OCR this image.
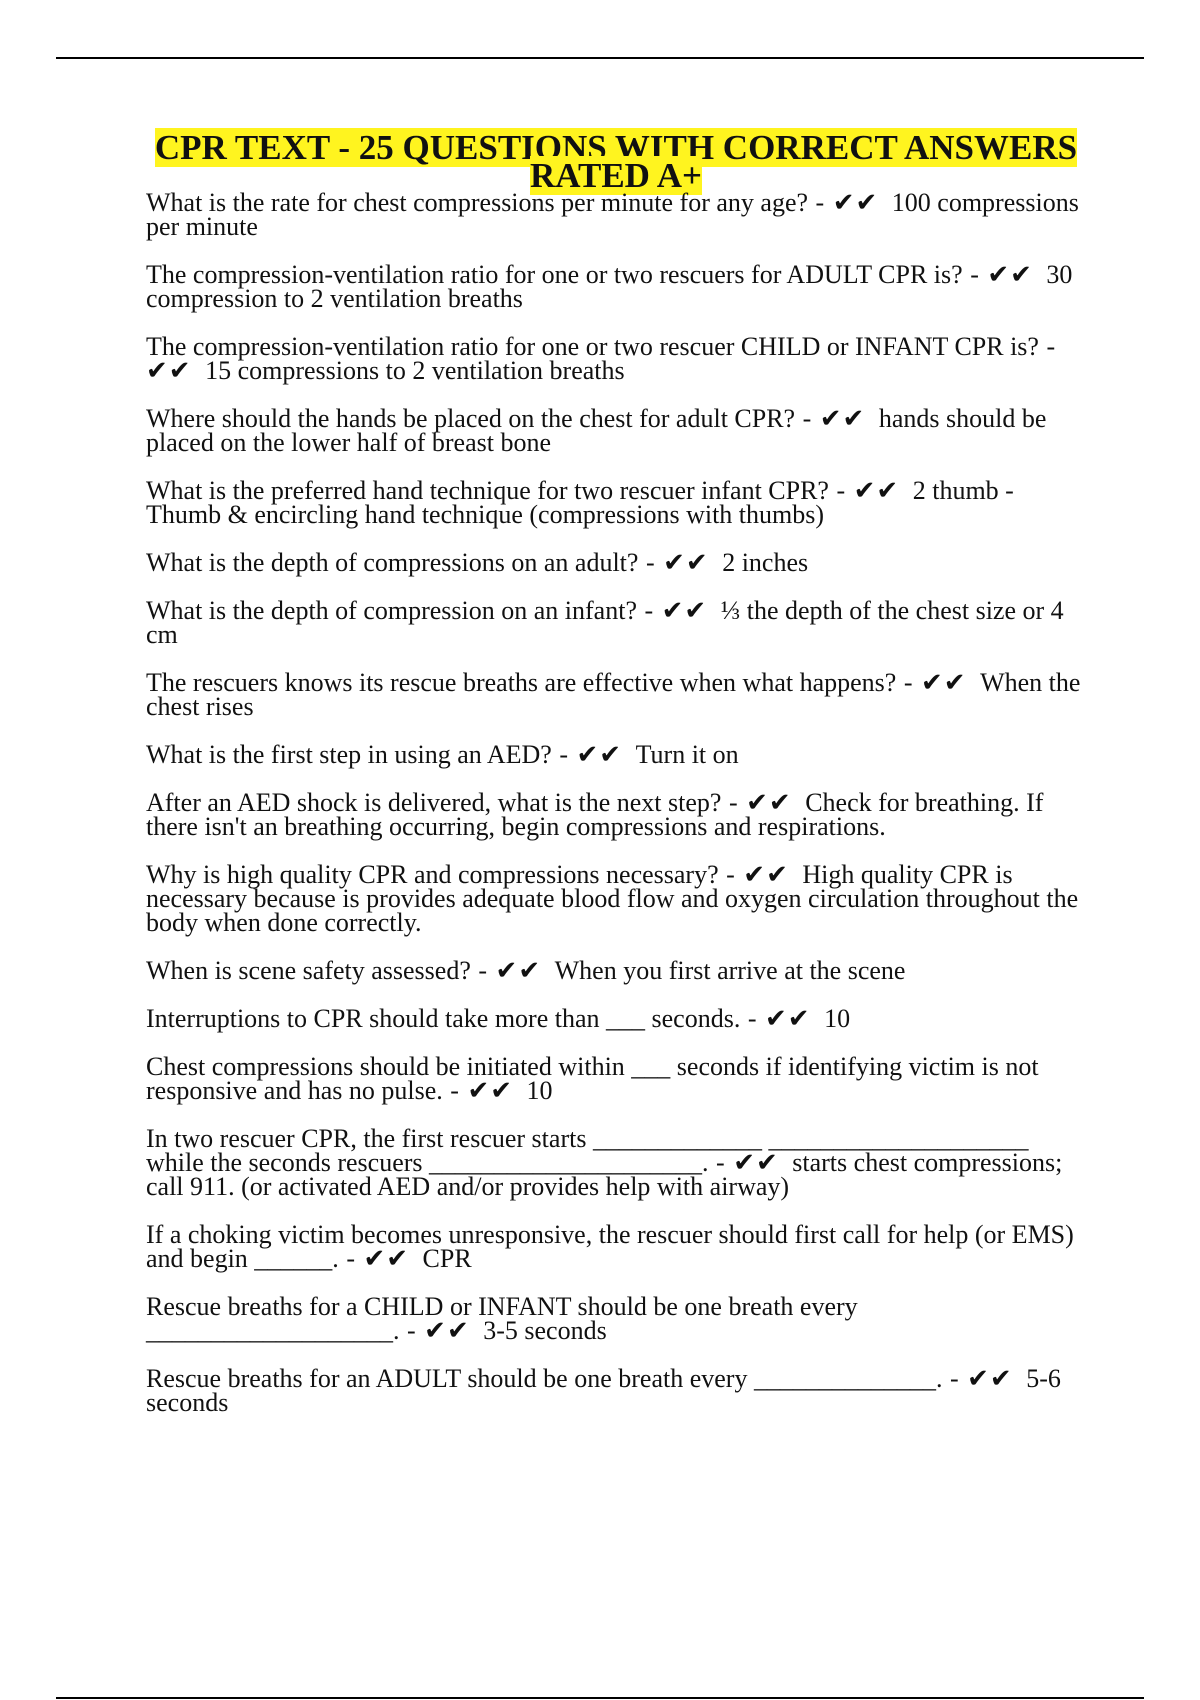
CPR TEXT - 25 QUESTIONS WITH CORRECT ANSWERS RATED A+
What is the rate for chest compressions per minute for any age? - ✔✔ 100 compressions per minute
The compression-ventilation ratio for one or two rescuers for ADULT CPR is? - ✔✔ 30 compression to 2 ventilation breaths
The compression-ventilation ratio for one or two rescuer CHILD or INFANT CPR is? - ✔✔ 15 compressions to 2 ventilation breaths
Where should the hands be placed on the chest for adult CPR? - ✔✔ hands should be placed on the lower half of breast bone
What is the preferred hand technique for two rescuer infant CPR? - ✔✔ 2 thumb - Thumb & encircling hand technique (compressions with thumbs)
What is the depth of compressions on an adult? - ✔✔ 2 inches
What is the depth of compression on an infant? - ✔✔ ⅓ the depth of the chest size or 4 cm
The rescuers knows its rescue breaths are effective when what happens? - ✔✔ When the chest rises
What is the first step in using an AED? - ✔✔ Turn it on
After an AED shock is delivered, what is the next step? - ✔✔ Check for breathing. If there isn't an breathing occurring, begin compressions and respirations.
Why is high quality CPR and compressions necessary? - ✔✔ High quality CPR is necessary because is provides adequate blood flow and oxygen circulation throughout the body when done correctly.
When is scene safety assessed? - ✔✔ When you first arrive at the scene
Interruptions to CPR should take more than ___ seconds. - ✔✔ 10
Chest compressions should be initiated within ___ seconds if identifying victim is not responsive and has no pulse. - ✔✔ 10
In two rescuer CPR, the first rescuer starts _____________ ____________________ while the seconds rescuers _____________________. - ✔✔ starts chest compressions; call 911. (or activated AED and/or provides help with airway)
If a choking victim becomes unresponsive, the rescuer should first call for help (or EMS) and begin ______. - ✔✔ CPR
Rescue breaths for a CHILD or INFANT should be one breath every ___________________. - ✔✔ 3-5 seconds
Rescue breaths for an ADULT should be one breath every ______________. - ✔✔ 5-6 seconds
